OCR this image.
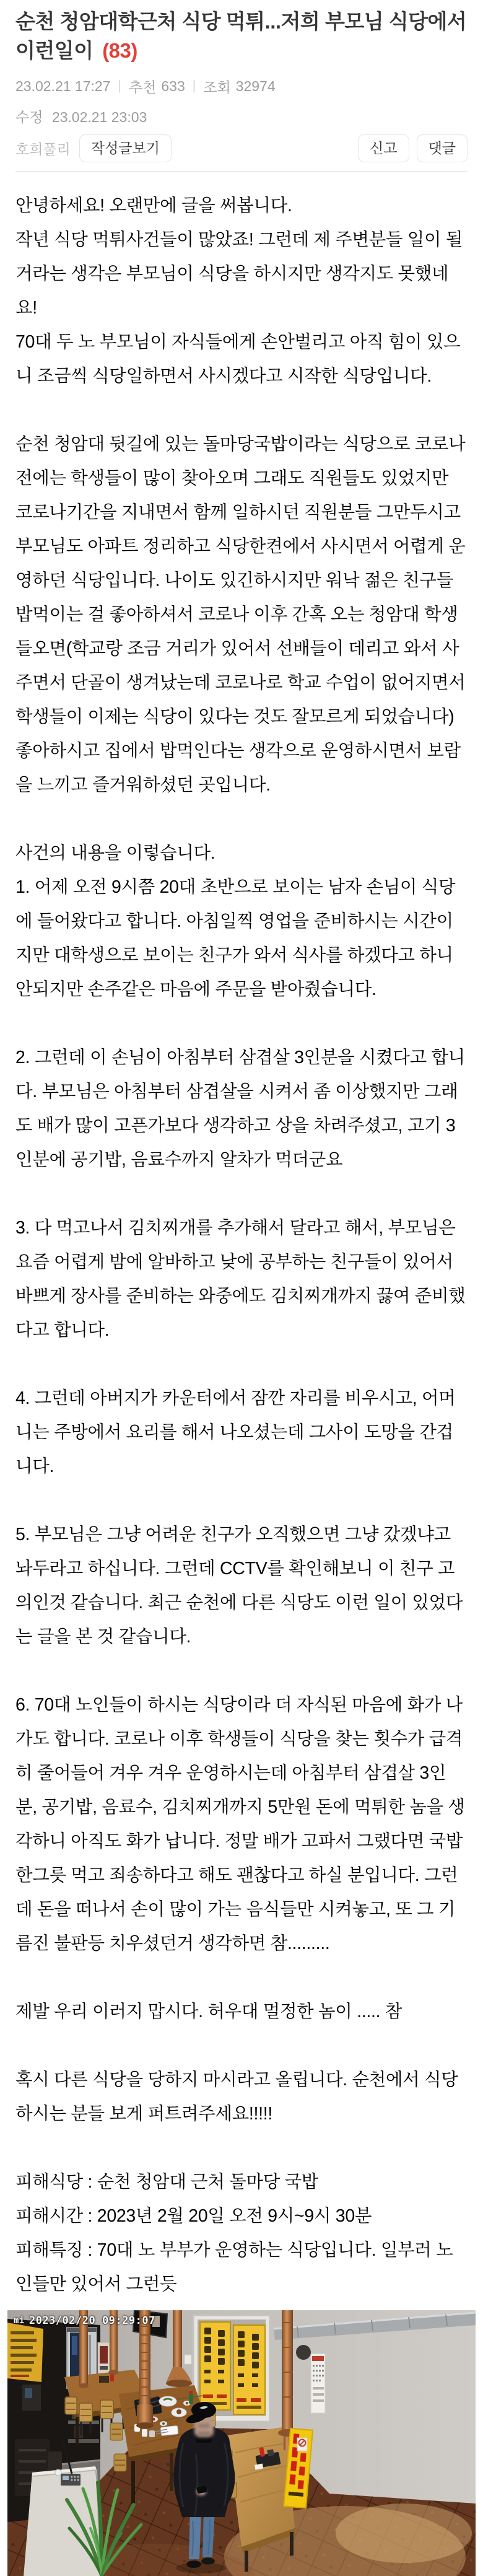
순천 청암대학근처 식당 먹튀...저희 부모님 식당에서 이런일이 (83)
23.02.21 17:27 | 추천 633 | 조회 32974
수정 23.02.21 23:03
호희풀리	작성글보기	신고	댓글

안녕하세요! 오랜만에 글을 써봅니다.

작년 식당 먹튀사건들이 많았죠! 그런데 제 주변분들 일이 될거라는 생각은 부모님이 식당을 하시지만 생각지도 못했네요!

70대 두 노 부모님이 자식들에게 손안벌리고 아직 힘이 있으니 조금씩 식당일하면서 사시겠다고 시작한 식당입니다.

순천 청암대 뒷길에 있는 돌마당국밥이라는 식당으로 코로나전에는 학생들이 많이 찾아오며 그래도 직원들도 있었지만 코로나기간을 지내면서 함께 일하시던 직원분들 그만두시고 부모님도 아파트 정리하고 식당한켠에서 사시면서 어렵게 운영하던 식당입니다. 나이도 있긴하시지만 워낙 젊은 친구들 밥먹이는 걸 좋아하셔서 코로나 이후 간혹 오는 청암대 학생들오면(학교랑 조금 거리가 있어서 선배들이 데리고 와서 사주면서 단골이 생겨났는데 코로나로 학교 수업이 없어지면서 학생들이 이제는 식당이 있다는 것도 잘모르게 되었습니다) 좋아하시고 집에서 밥먹인다는 생각으로 운영하시면서 보람을 느끼고 즐거워하셨던 곳입니다.

사건의 내용을 이렇습니다.

1. 어제 오전 9시쯤 20대 초반으로 보이는 남자 손님이 식당에 들어왔다고 합니다. 아침일찍 영업을 준비하시는 시간이지만 대학생으로 보이는 친구가 와서 식사를 하겠다고 하니 안되지만 손주같은 마음에 주문을 받아줬습니다.

2. 그런데 이 손님이 아침부터 삼겹살 3인분을 시켰다고 합니다. 부모님은 아침부터 삼겹살을 시켜서 좀 이상했지만 그래도 배가 많이 고픈가보다 생각하고 상을 차려주셨고, 고기 3인분에 공기밥, 음료수까지 알차가 먹더군요

3. 다 먹고나서 김치찌개를 추가해서 달라고 해서, 부모님은 요즘 어렵게 밤에 알바하고 낮에 공부하는 친구들이 있어서 바쁘게 장사를 준비하는 와중에도 김치찌개까지 끓여 준비했다고 합니다.

4. 그런데 아버지가 카운터에서 잠깐 자리를 비우시고, 어머니는 주방에서 요리를 해서 나오셨는데 그사이 도망을 간겁니다.

5. 부모님은 그냥 어려운 친구가 오직했으면 그냥 갔겠냐고 놔두라고 하십니다. 그런데 CCTV를 확인해보니 이 친구 고의인것 같습니다. 최근 순천에 다른 식당도 이런 일이 있었다는 글을 본 것 같습니다.

6. 70대 노인들이 하시는 식당이라 더 자식된 마음에 화가 나가도 합니다. 코로나 이후 학생들이 식당을 찾는 횟수가 급격히 줄어들어 겨우 겨우 운영하시는데 아침부터 삼겹살 3인분, 공기밥, 음료수, 김치찌개까지 5만원 돈에 먹튀한 놈을 생각하니 아직도 화가 납니다. 정말 배가 고파서 그랬다면 국밥 한그릇 먹고 죄송하다고 해도 괜찮다고 하실 분입니다. 그런데 돈을 떠나서 손이 많이 가는 음식들만 시켜놓고, 또 그 기름진 불판등 치우셨던거 생각하면 참.........

제발 우리 이러지 맙시다. 허우대 멀정한 놈이 ..... 참

혹시 다른 식당을 당하지 마시라고 올립니다. 순천에서 식당하시는 분들 보게 퍼트려주세요!!!!!

피해식당 : 순천 청암대 근처 돌마당 국밥

피해시간 : 2023년 2월 20일 오전 9시~9시 30분

피해특징 : 70대 노 부부가 운영하는 식당입니다. 일부러 노인들만 있어서 그런듯

mi 2023/02/20 09:29:07
